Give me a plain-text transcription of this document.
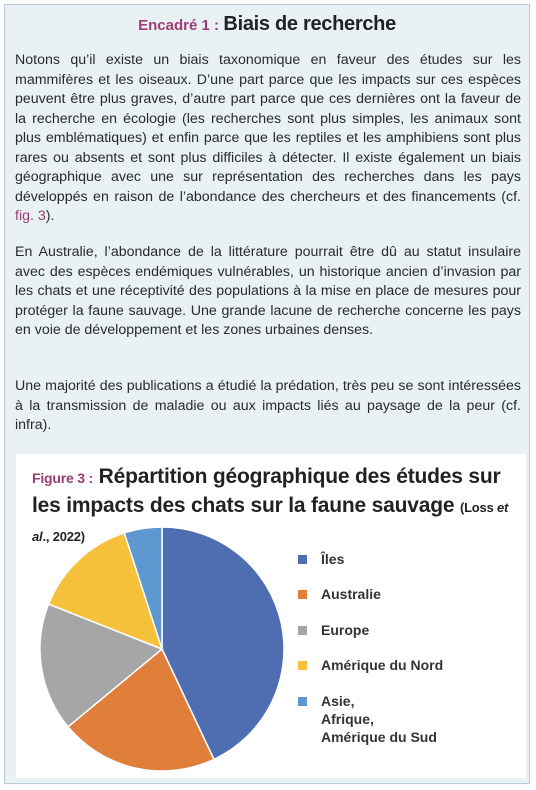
Encadré 1 : Biais de recherche

Notons qu’il existe un biais taxonomique en faveur des études sur les mammifères et les oiseaux. D’une part parce que les impacts sur ces espèces peuvent être plus graves, d’autre part parce que ces dernières ont la faveur de la recherche en écologie (les recherches sont plus simples, les animaux sont plus emblématiques) et enfin parce que les reptiles et les amphibiens sont plus rares ou absents et sont plus difficiles à détecter. Il existe également un biais géographique avec une sur représentation des recherches dans les pays développés en raison de l’abondance des chercheurs et des financements (cf. fig. 3).

En Australie, l’abondance de la littérature pourrait être dû au statut insulaire avec des espèces endémiques vulnérables, un historique ancien d’invasion par les chats et une réceptivité des populations à la mise en place de mesures pour protéger la faune sauvage. Une grande lacune de recherche concerne les pays en voie de développement et les zones urbaines denses.

Une majorité des publications a étudié la prédation, très peu se sont intéressées à la transmission de maladie ou aux impacts liés au paysage de la peur (cf. infra).

Figure 3 : Répartition géographique des études sur les impacts des chats sur la faune sauvage (Loss et al., 2022)
Îles
Australie
Europe
Amérique du Nord
Asie,
Afrique,
Amérique du Sud
